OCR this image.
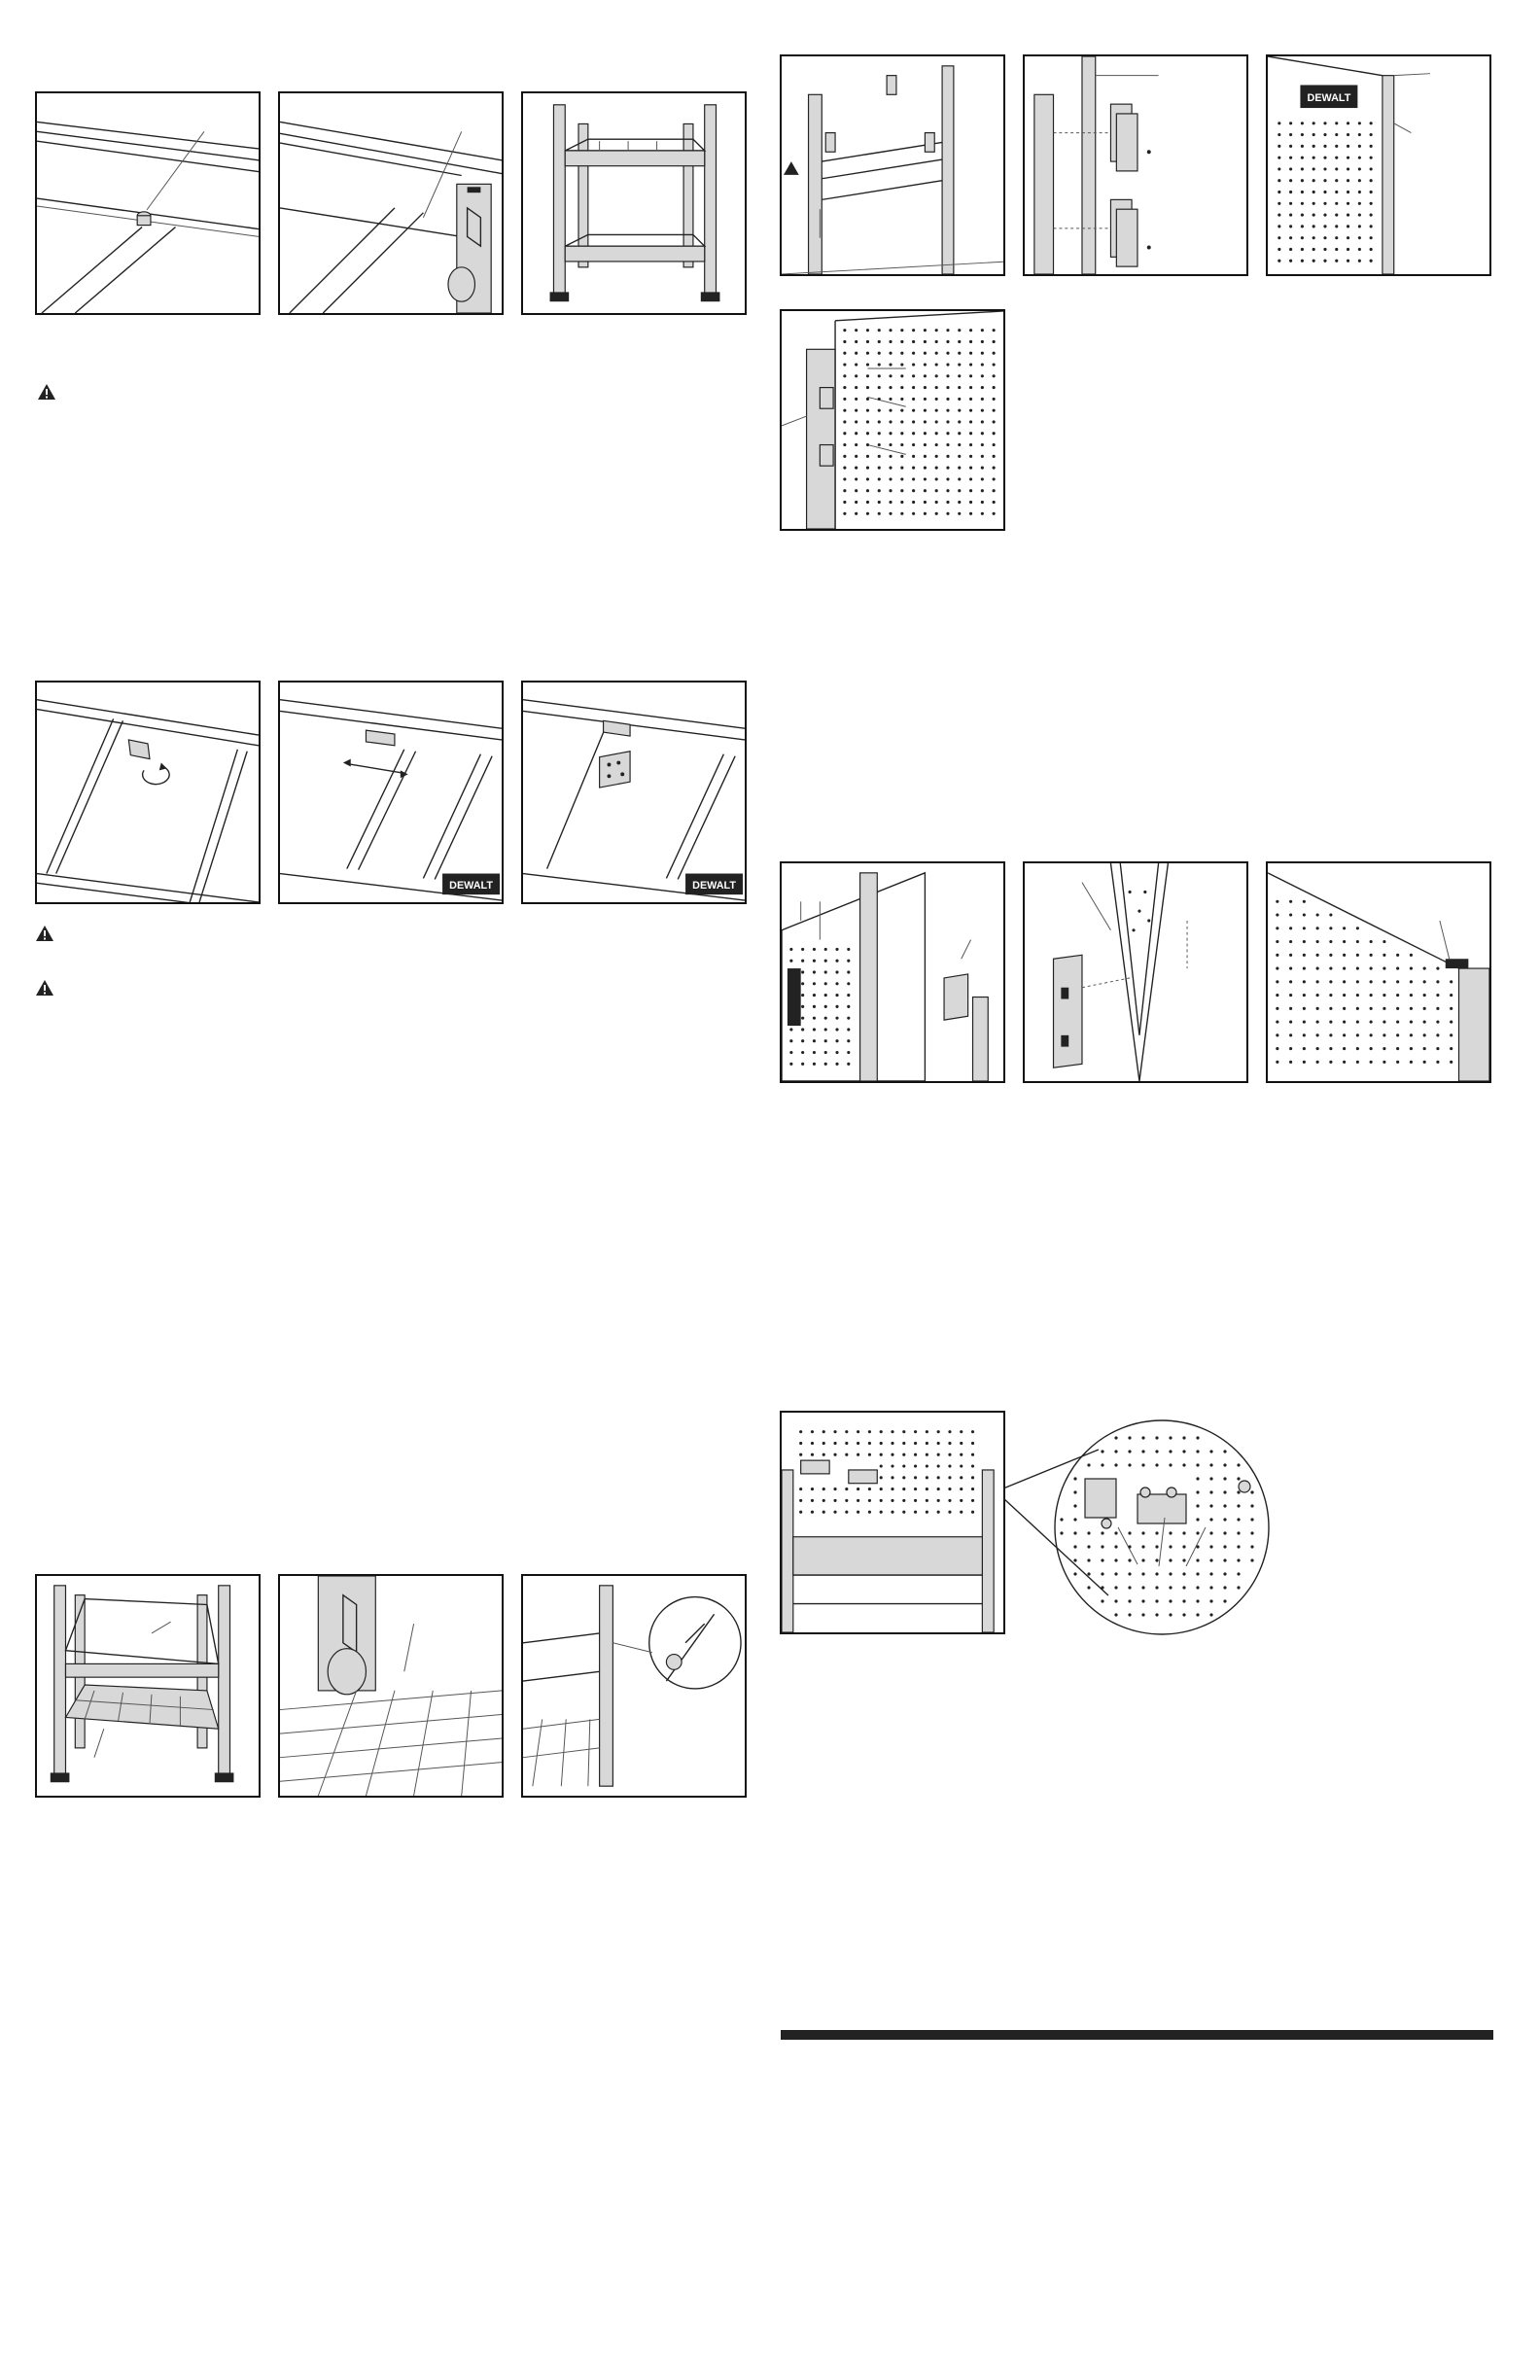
DEWALT	DEWALT
DEWALT
